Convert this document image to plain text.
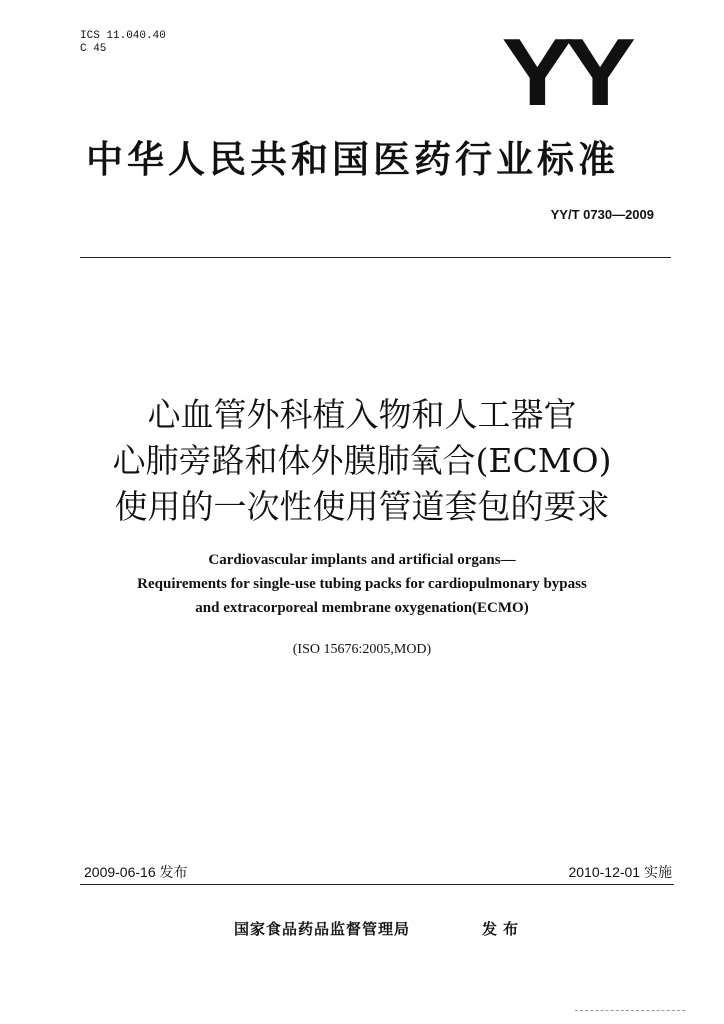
ICS 11.040.40
C 45	YY
中华人民共和国医药行业标准
YY/T 0730—2009
心血管外科植入物和人工器官
心肺旁路和体外膜肺氧合(ECMO)
使用的一次性使用管道套包的要求
Cardiovascular implants and artificial organs—
Requirements for single-use tubing packs for cardiopulmonary bypass
and extracorporeal membrane oxygenation(ECMO)
(ISO 15676:2005,MOD)
2009-06-16 发布	2010-12-01 实施
国家食品药品监督管理局	发布
